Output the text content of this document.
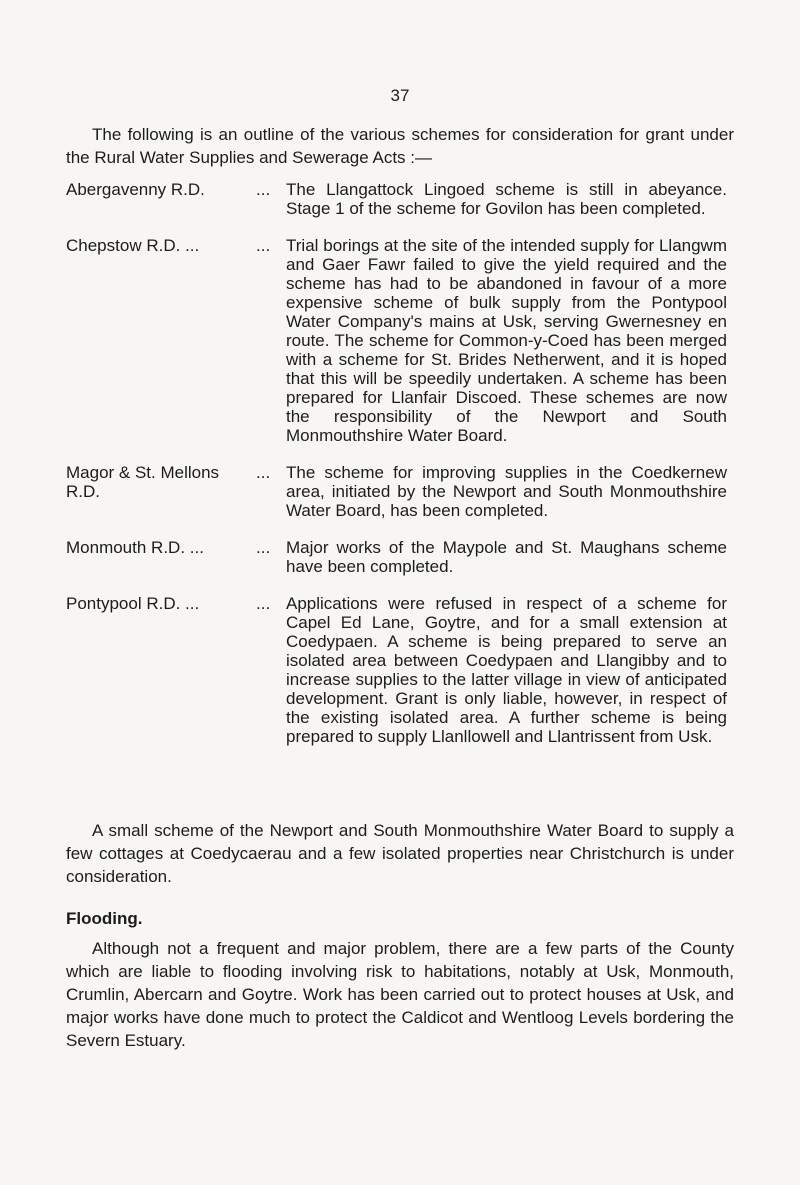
37

The following is an outline of the various schemes for consideration for grant under the Rural Water Supplies and Sewerage Acts :—

Abergavenny R.D.	... The Llangattock Lingoed scheme is still in abeyance. Stage 1 of the scheme for Govilon has been completed.

Chepstow R.D. ...	... Trial borings at the site of the intended supply for Llangwm and Gaer Fawr failed to give the yield required and the scheme has had to be abandoned in favour of a more expensive scheme of bulk supply from the Pontypool Water Company's mains at Usk, serving Gwernesney en route. The scheme for Common-y-Coed has been merged with a scheme for St. Brides Netherwent, and it is hoped that this will be speedily undertaken. A scheme has been prepared for Llanfair Discoed. These schemes are now the responsibility of the Newport and South Monmouthshire Water Board.

Magor & St. Mellons R.D.
... The scheme for improving supplies in the Coedkernew area, initiated by the Newport and South Monmouthshire Water Board, has been completed.

Monmouth R.D. ...	... Major works of the Maypole and St. Maughans scheme have been completed.

Pontypool R.D. ...	... Applications were refused in respect of a scheme for Capel Ed Lane, Goytre, and for a small extension at Coedypaen. A scheme is being prepared to serve an isolated area between Coedypaen and Llangibby and to increase supplies to the latter village in view of anticipated development. Grant is only liable, however, in respect of the existing isolated area. A further scheme is being prepared to supply Llanllowell and Llantrissent from Usk.

A small scheme of the Newport and South Monmouthshire Water Board to supply a few cottages at Coedycaerau and a few isolated properties near Christchurch is under consideration.

Flooding.

Although not a frequent and major problem, there are a few parts of the County which are liable to flooding involving risk to habitations, notably at Usk, Monmouth, Crumlin, Abercarn and Goytre. Work has been carried out to protect houses at Usk, and major works have done much to protect the Caldicot and Wentloog Levels bordering the Severn Estuary.
